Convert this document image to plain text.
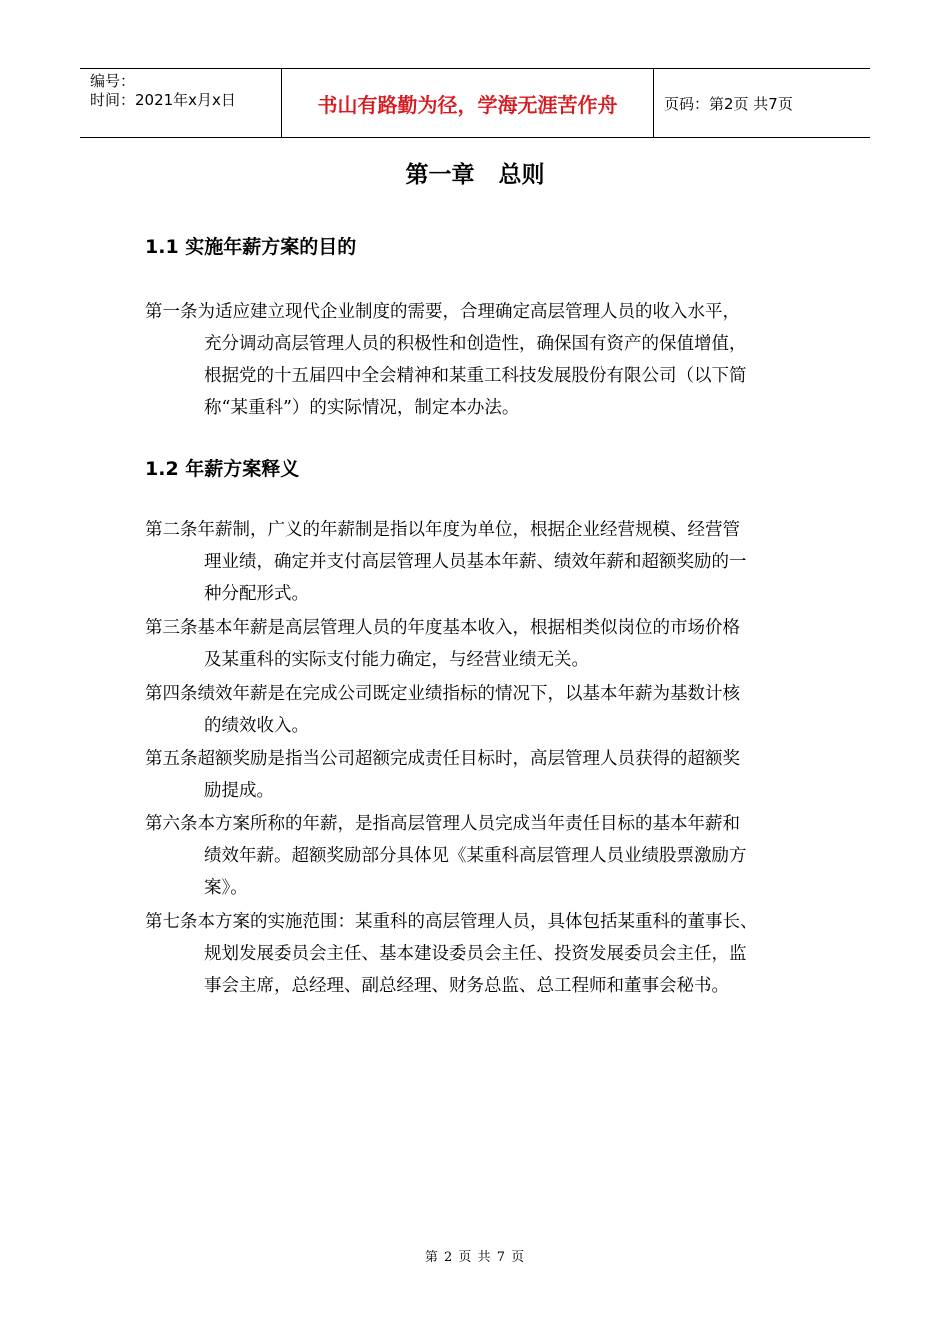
编号：
时间：2021年x月x日	书山有路勤为径，学海无涯苦作舟	页码：第2页 共7页
第一章   总则
1.1 实施年薪方案的目的
第一条为适应建立现代企业制度的需要，合理确定高层管理人员的收入水平，
充分调动高层管理人员的积极性和创造性，确保国有资产的保值增值，
根据党的十五届四中全会精神和某重工科技发展股份有限公司（以下简
称“某重科”）的实际情况，制定本办法。
1.2 年薪方案释义
第二条年薪制，广义的年薪制是指以年度为单位，根据企业经营规模、经营管
理业绩，确定并支付高层管理人员基本年薪、绩效年薪和超额奖励的一
种分配形式。
第三条基本年薪是高层管理人员的年度基本收入，根据相类似岗位的市场价格
及某重科的实际支付能力确定，与经营业绩无关。
第四条绩效年薪是在完成公司既定业绩指标的情况下，以基本年薪为基数计核
的绩效收入。
第五条超额奖励是指当公司超额完成责任目标时，高层管理人员获得的超额奖
励提成。
第六条本方案所称的年薪，是指高层管理人员完成当年责任目标的基本年薪和
绩效年薪。超额奖励部分具体见《某重科高层管理人员业绩股票激励方
案》。
第七条本方案的实施范围：某重科的高层管理人员，具体包括某重科的董事长、
规划发展委员会主任、基本建设委员会主任、投资发展委员会主任，监
事会主席，总经理、副总经理、财务总监、总工程师和董事会秘书。
第 2 页 共 7 页
